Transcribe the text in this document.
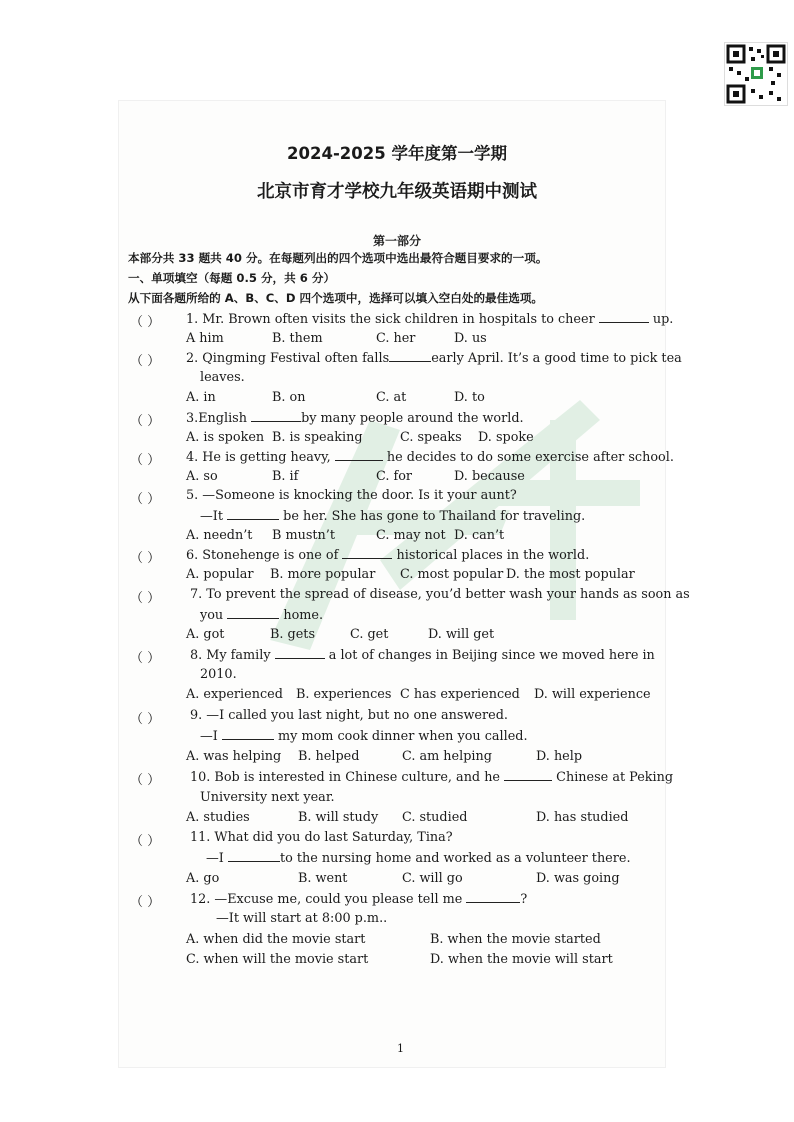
2024-2025 学年度第一学期
北京市育才学校九年级英语期中测试
第一部分
本部分共 33 题共 40 分。在每题列出的四个选项中选出最符合题目要求的一项。
一、单项填空（每题 0.5 分，共 6 分）
从下面各题所给的 A、B、C、D 四个选项中，选择可以填入空白处的最佳选项。
（ ） 1. Mr. Brown often visits the sick children in hospitals to cheer	up.
A him	B. them	C. her	D. us
（ ） 2. Qingming Festival often falls	early April. It’s a good time to pick tea
leaves.
A. in	B. on	C. at	D. to
（ ） 3.English	by many people around the world.
A. is spoken B. is speaking	C. speaks D. spoke
（ ） 4. He is getting heavy,	he decides to do some exercise after school.
A. so	B. if	C. for	D. because
（ ） 5. —Someone is knocking the door. Is it your aunt?
—It	be her. She has gone to Thailand for traveling.
A. needn’t B mustn’t	C. may not D. can’t
（ ） 6. Stonehenge is one of	historical places in the world.
A. popular B. more popular C. most popular D. the most popular
（ ） 7. To prevent the spread of disease, you’d better wash your hands as soon as
you	home.
A. got	B. gets	C. get	D. will get
（ ） 8. My family	a lot of changes in Beijing since we moved here in
2010.
A. experienced B. experiences C has experienced D. will experience
（ ） 9. —I called you last night, but no one answered.
—I	my mom cook dinner when you called.
A. was helping B. helped	C. am helping	D. help
（ ） 10. Bob is interested in Chinese culture, and he	Chinese at Peking
University next year.
A. studies	B. will study C. studied	D. has studied
（ ） 11. What did you do last Saturday, Tina?
—I	to the nursing home and worked as a volunteer there.
A. go	B. went	C. will go	D. was going
（ ） 12. —Excuse me, could you please tell me	?
—It will start at 8:00 p.m..
A. when did the movie start	B. when the movie started
C. when will the movie start	D. when the movie will start
1
